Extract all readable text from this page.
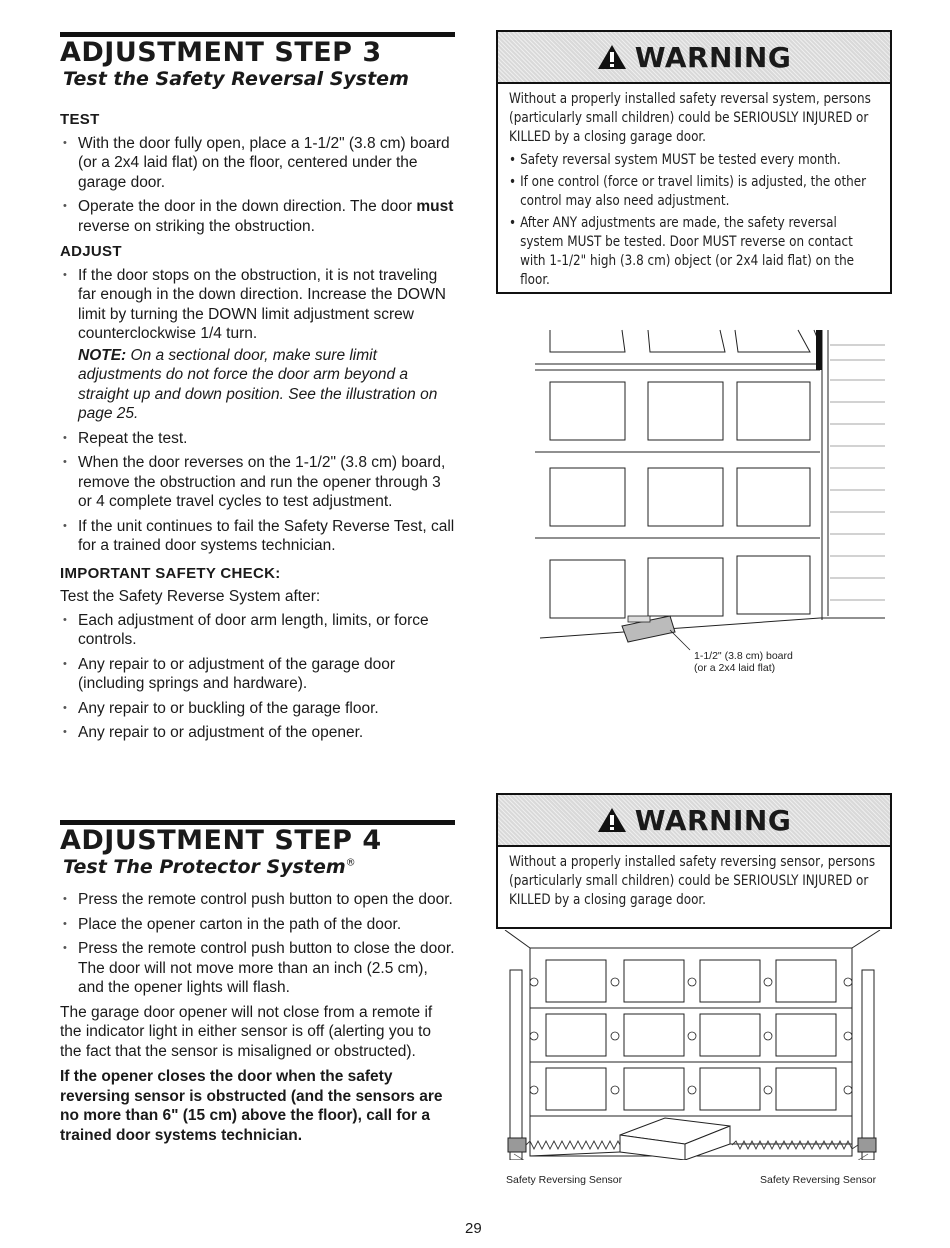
ADJUSTMENT STEP 3
Test the Safety Reversal System
TEST
• With the door fully open, place a 1-1/2" (3.8 cm) board (or a 2x4 laid flat) on the floor, centered under the garage door.
• Operate the door in the down direction. The door must reverse on striking the obstruction.
ADJUST
• If the door stops on the obstruction, it is not traveling far enough in the down direction. Increase the DOWN limit by turning the DOWN limit adjustment screw counterclockwise 1/4 turn.
NOTE: On a sectional door, make sure limit adjustments do not force the door arm beyond a straight up and down position. See the illustration on page 25.
• Repeat the test.
• When the door reverses on the 1-1/2" (3.8 cm) board, remove the obstruction and run the opener through 3 or 4 complete travel cycles to test adjustment.
• If the unit continues to fail the Safety Reverse Test, call for a trained door systems technician.
IMPORTANT SAFETY CHECK:
Test the Safety Reverse System after:
• Each adjustment of door arm length, limits, or force controls.
• Any repair to or adjustment of the garage door (including springs and hardware).
• Any repair to or buckling of the garage floor.
• Any repair to or adjustment of the opener.
WARNING
Without a properly installed safety reversal system, persons (particularly small children) could be SERIOUSLY INJURED or KILLED by a closing garage door.
• Safety reversal system MUST be tested every month.
• If one control (force or travel limits) is adjusted, the other control may also need adjustment.
• After ANY adjustments are made, the safety reversal system MUST be tested. Door MUST reverse on contact with 1-1/2" high (3.8 cm) object (or 2x4 laid flat) on the floor.
1-1/2" (3.8 cm) board
(or a 2x4 laid flat)
ADJUSTMENT STEP 4
Test The Protector System®
• Press the remote control push button to open the door.
• Place the opener carton in the path of the door.
• Press the remote control push button to close the door. The door will not move more than an inch (2.5 cm), and the opener lights will flash.
The garage door opener will not close from a remote if the indicator light in either sensor is off (alerting you to the fact that the sensor is misaligned or obstructed).
If the opener closes the door when the safety reversing sensor is obstructed (and the sensors are no more than 6" (15 cm) above the floor), call for a trained door systems technician.
WARNING
Without a properly installed safety reversing sensor, persons (particularly small children) could be SERIOUSLY INJURED or KILLED by a closing garage door.
Safety Reversing Sensor	Safety Reversing Sensor
29
